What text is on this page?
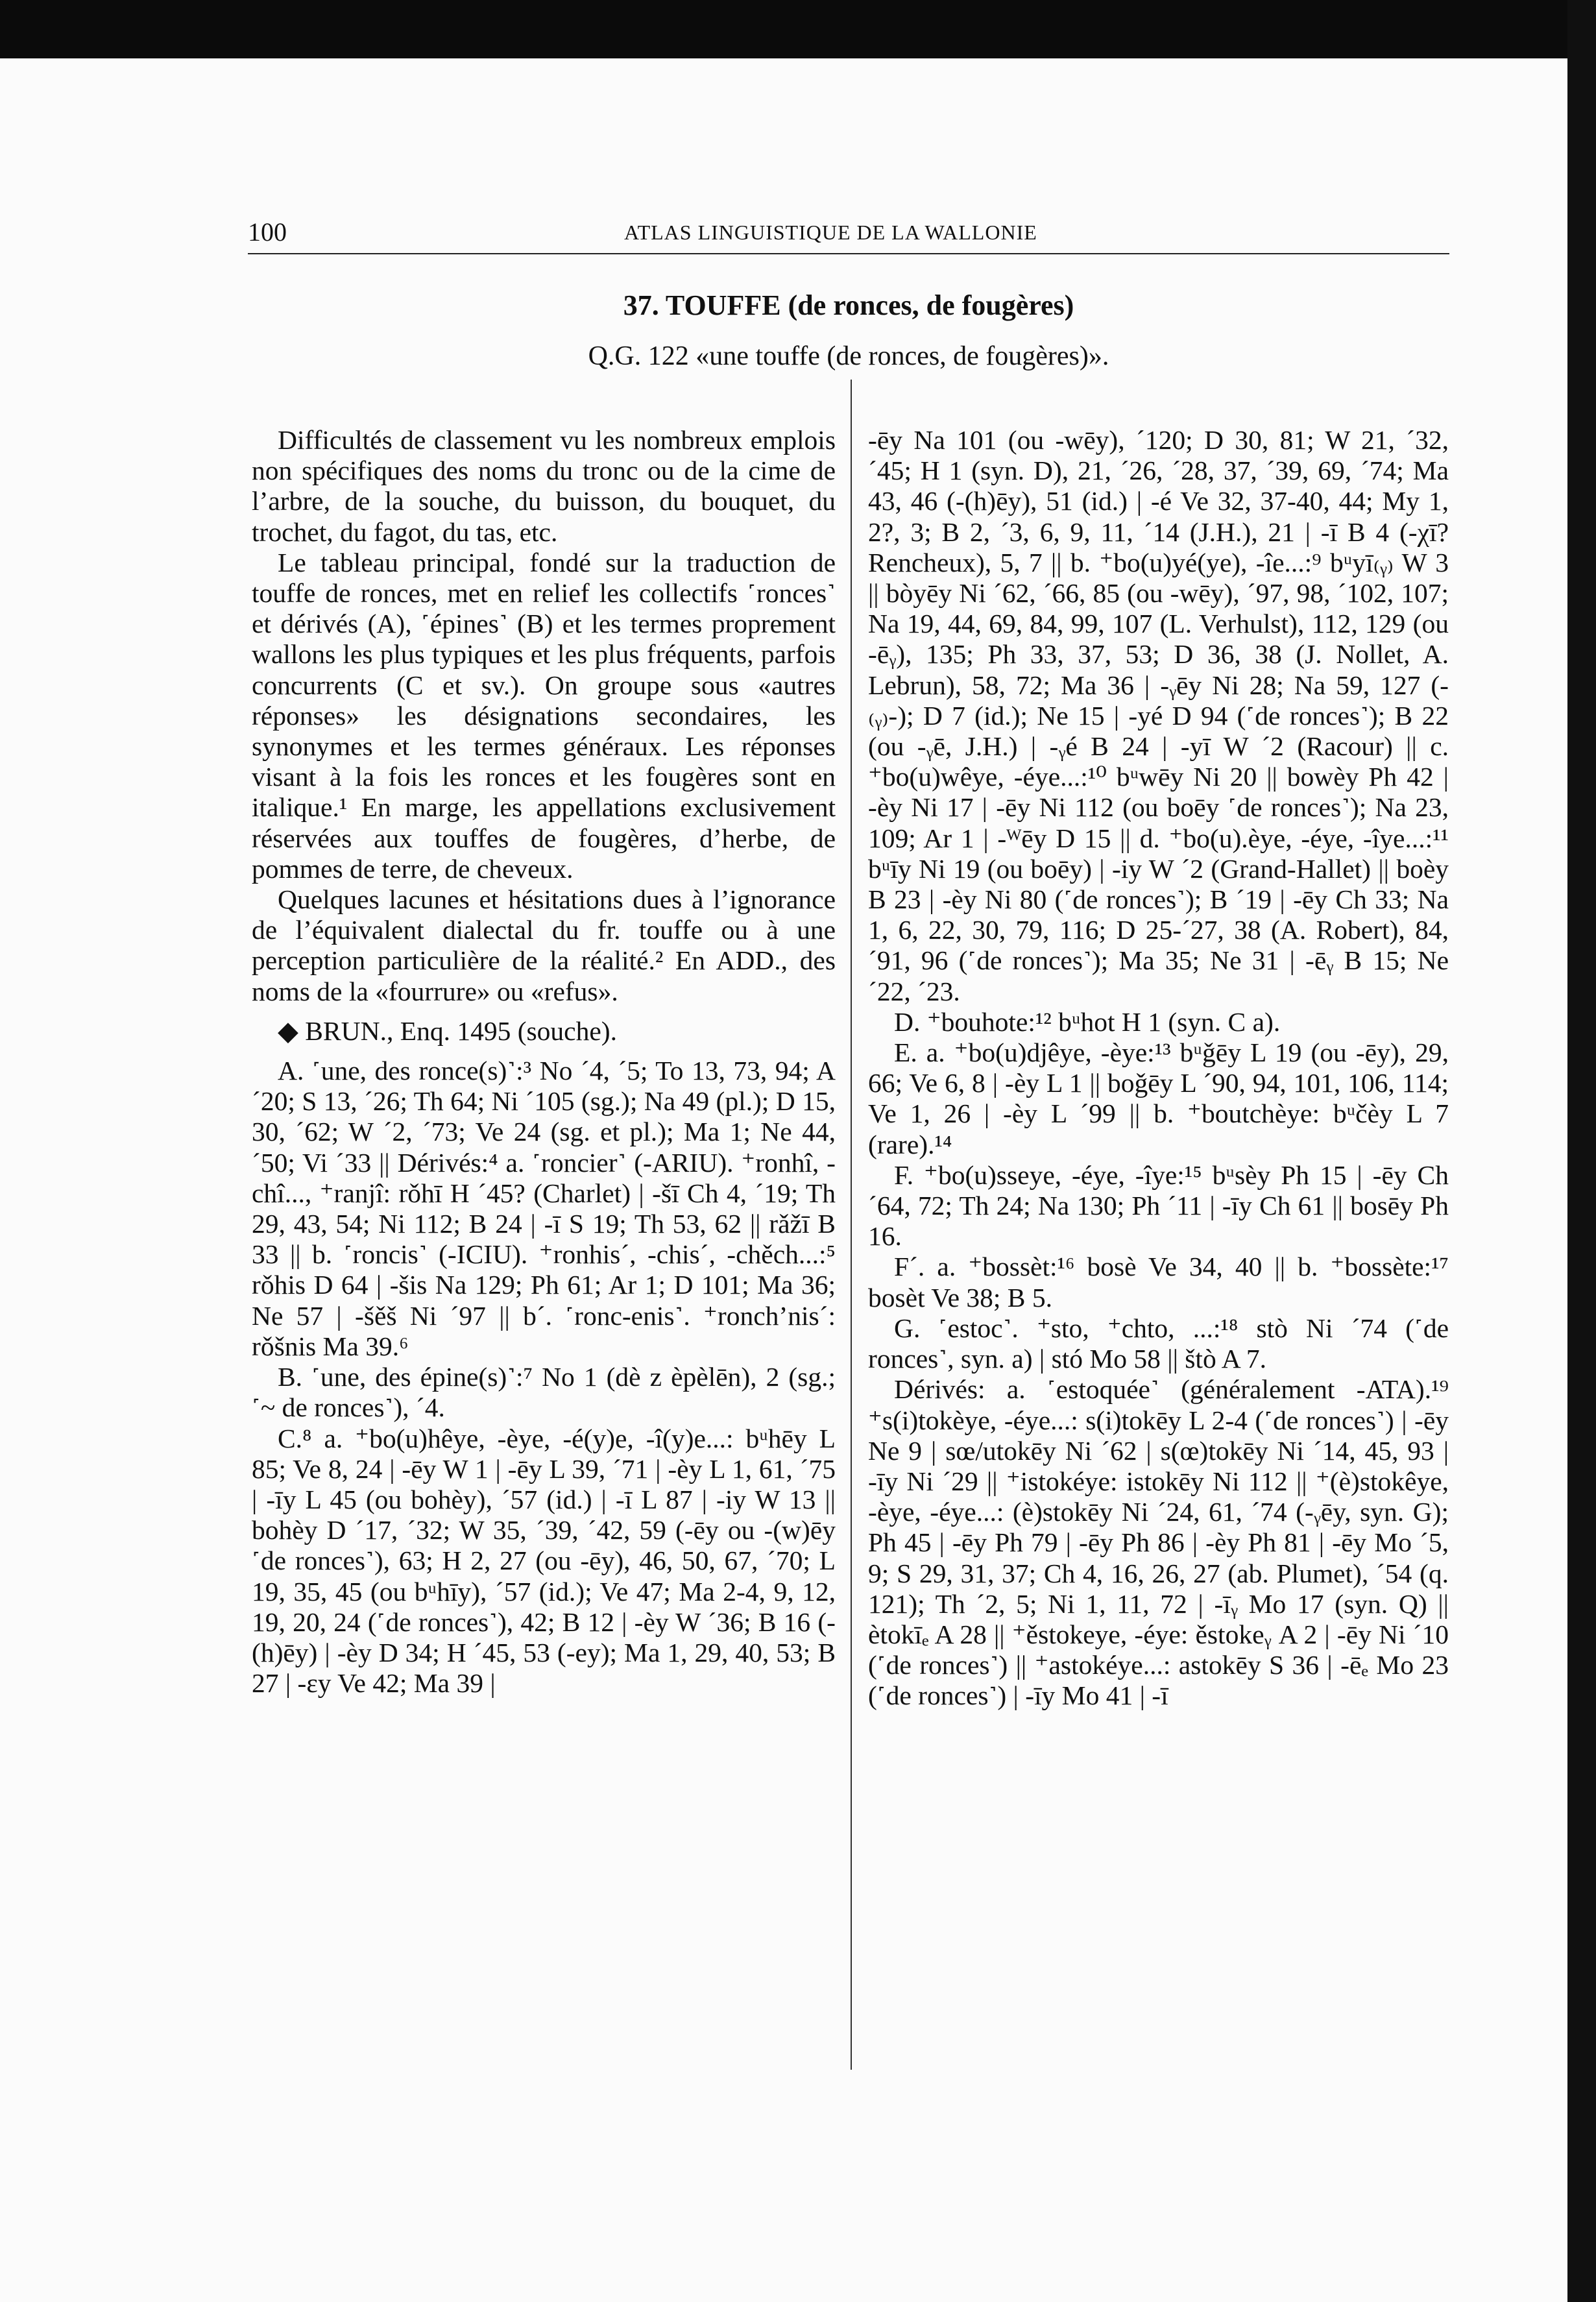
100	ATLAS LINGUISTIQUE DE LA WALLONIE
37. TOUFFE (de ronces, de fougères)
Q.G. 122 «une touffe (de ronces, de fougères)».

Difficultés de classement vu les nombreux emplois non spécifiques des noms du tronc ou de la cime de l’arbre, de la souche, du buisson, du bouquet, du trochet, du fagot, du tas, etc.

Le tableau principal, fondé sur la traduction de touffe de ronces, met en relief les collectifs ˹ronces˺ et dérivés (A), ˹épines˺ (B) et les termes proprement wallons les plus typiques et les plus fréquents, parfois concurrents (C et sv.). On groupe sous «autres réponses» les désignations secondaires, les synonymes et les termes généraux. Les réponses visant à la fois les ronces et les fougères sont en italique.¹ En marge, les appellations exclusivement réservées aux touffes de fougères, d’herbe, de pommes de terre, de cheveux.

Quelques lacunes et hésitations dues à l’ignorance de l’équivalent dialectal du fr. touffe ou à une perception particulière de la réalité.² En ADD., des noms de la «fourrure» ou «refus».

◆ BRUN., Enq. 1495 (souche).

A. ˹une, des ronce(s)˺:³ No ´4, ´5; To 13, 73, 94; A ´20; S 13, ´26; Th 64; Ni ´105 (sg.); Na 49 (pl.); D 15, 30, ´62; W ´2, ´73; Ve 24 (sg. et pl.); Ma 1; Ne 44, ´50; Vi ´33 || Dérivés:⁴ a. ˹roncier˺ (-ARIU). ⁺ronhî, -chî..., ⁺ranjî: rǒhī H ´45? (Charlet) | -šī Ch 4, ´19; Th 29, 43, 54; Ni 112; B 24 | -ī S 19; Th 53, 62 || rǎžī B 33 || b. ˹roncis˺ (-ICIU). ⁺ronhis´, -chis´, -chěch...:⁵ rǒhis D 64 | -šis Na 129; Ph 61; Ar 1; D 101; Ma 36; Ne 57 | -šěš Ni ´97 || b´. ˹ronc-enis˺. ⁺ronch’nis´: rǒšnis Ma 39.⁶

B. ˹une, des épine(s)˺:⁷ No 1 (dè z èpèlēn), 2 (sg.; ˹~ de ronces˺), ´4.

C.⁸ a. ⁺bo(u)hêye, -èye, -é(y)e, -î(y)e...: bᵘhēy L 85; Ve 8, 24 | -ēy W 1 | -ēy L 39, ´71 | -èy L 1, 61, ´75 | -īy L 45 (ou bohèy), ´57 (id.) | -ī L 87 | -iy W 13 || bohèy D ´17, ´32; W 35, ´39, ´42, 59 (-ēy ou -(w)ēy ˹de ronces˺), 63; H 2, 27 (ou -ēy), 46, 50, 67, ´70; L 19, 35, 45 (ou bᵘhīy), ´57 (id.); Ve 47; Ma 2-4, 9, 12, 19, 20, 24 (˹de ronces˺), 42; B 12 | -èy W ´36; B 16 (-(h)ēy) | -èy D 34; H ´45, 53 (-ey); Ma 1, 29, 40, 53; B 27 | -ɛy Ve 42; Ma 39 |

-ēy Na 101 (ou -wēy), ´120; D 30, 81; W 21, ´32, ´45; H 1 (syn. D), 21, ´26, ´28, 37, ´39, 69, ´74; Ma 43, 46 (-(h)ēy), 51 (id.) | -é Ve 32, 37-40, 44; My 1, 2?, 3; B 2, ´3, 6, 9, 11, ´14 (J.H.), 21 | -ī B 4 (-χī? Rencheux), 5, 7 || b. ⁺bo(u)yé(ye), -îe...:⁹ bᵘyī₍ᵧ₎ W 3 || bòyēy Ni ´62, ´66, 85 (ou -wēy), ´97, 98, ´102, 107; Na 19, 44, 69, 84, 99, 107 (L. Verhulst), 112, 129 (ou -ēᵧ), 135; Ph 33, 37, 53; D 36, 38 (J. Nollet, A. Lebrun), 58, 72; Ma 36 | -ᵧēy Ni 28; Na 59, 127 (-₍ᵧ₎-); D 7 (id.); Ne 15 | -yé D 94 (˹de ronces˺); B 22 (ou -ᵧē, J.H.) | -ᵧé B 24 | -yī W ´2 (Racour) || c. ⁺bo(u)wêye, -éye...:¹⁰ bᵘwēy Ni 20 || bowèy Ph 42 | -èy Ni 17 | -ēy Ni 112 (ou boēy ˹de ronces˺); Na 23, 109; Ar 1 | -ᵂēy D 15 || d. ⁺bo(u).èye, -éye, -îye...:¹¹ bᵘīy Ni 19 (ou boēy) | -iy W ´2 (Grand-Hallet) || boèy B 23 | -èy Ni 80 (˹de ronces˺); B ´19 | -ēy Ch 33; Na 1, 6, 22, 30, 79, 116; D 25-´27, 38 (A. Robert), 84, ´91, 96 (˹de ronces˺); Ma 35; Ne 31 | -ēᵧ B 15; Ne ´22, ´23.

D. ⁺bouhote:¹² bᵘhot H 1 (syn. C a).

E. a. ⁺bo(u)djêye, -èye:¹³ bᵘǧēy L 19 (ou -ēy), 29, 66; Ve 6, 8 | -èy L 1 || boǧēy L ´90, 94, 101, 106, 114; Ve 1, 26 | -èy L ´99 || b. ⁺boutchèye: bᵘčèy L 7 (rare).¹⁴

F. ⁺bo(u)sseye, -éye, -îye:¹⁵ bᵘsèy Ph 15 | -ēy Ch ´64, 72; Th 24; Na 130; Ph ´11 | -īy Ch 61 || bosēy Ph 16.

F´. a. ⁺bossèt:¹⁶ bosè Ve 34, 40 || b. ⁺bossète:¹⁷ bosèt Ve 38; B 5.

G. ˹estoc˺. ⁺sto, ⁺chto, ...:¹⁸ stò Ni ´74 (˹de ronces˺, syn. a) | stó Mo 58 || štò A 7.

Dérivés: a. ˹estoquée˺ (généralement -ATA).¹⁹ ⁺s(i)tokèye, -éye...: s(i)tokēy L 2-4 (˹de ronces˺) | -ēy Ne 9 | sœ/utokēy Ni ´62 | s(œ)tokēy Ni ´14, 45, 93 | -īy Ni ´29 || ⁺istokéye: istokēy Ni 112 || ⁺(è)stokêye, -èye, -éye...: (è)stokēy Ni ´24, 61, ´74 (-ᵧēy, syn. G); Ph 45 | -ēy Ph 79 | -ēy Ph 86 | -èy Ph 81 | -ēy Mo ´5, 9; S 29, 31, 37; Ch 4, 16, 26, 27 (ab. Plumet), ´54 (q. 121); Th ´2, 5; Ni 1, 11, 72 | -īᵧ Mo 17 (syn. Q) || ètokīₑ A 28 || ⁺ěstokeye, -éye: ěstokeᵧ A 2 | -ēy Ni ´10 (˹de ronces˺) || ⁺astokéye...: astokēy S 36 | -ēₑ Mo 23 (˹de ronces˺) | -īy Mo 41 | -ī
